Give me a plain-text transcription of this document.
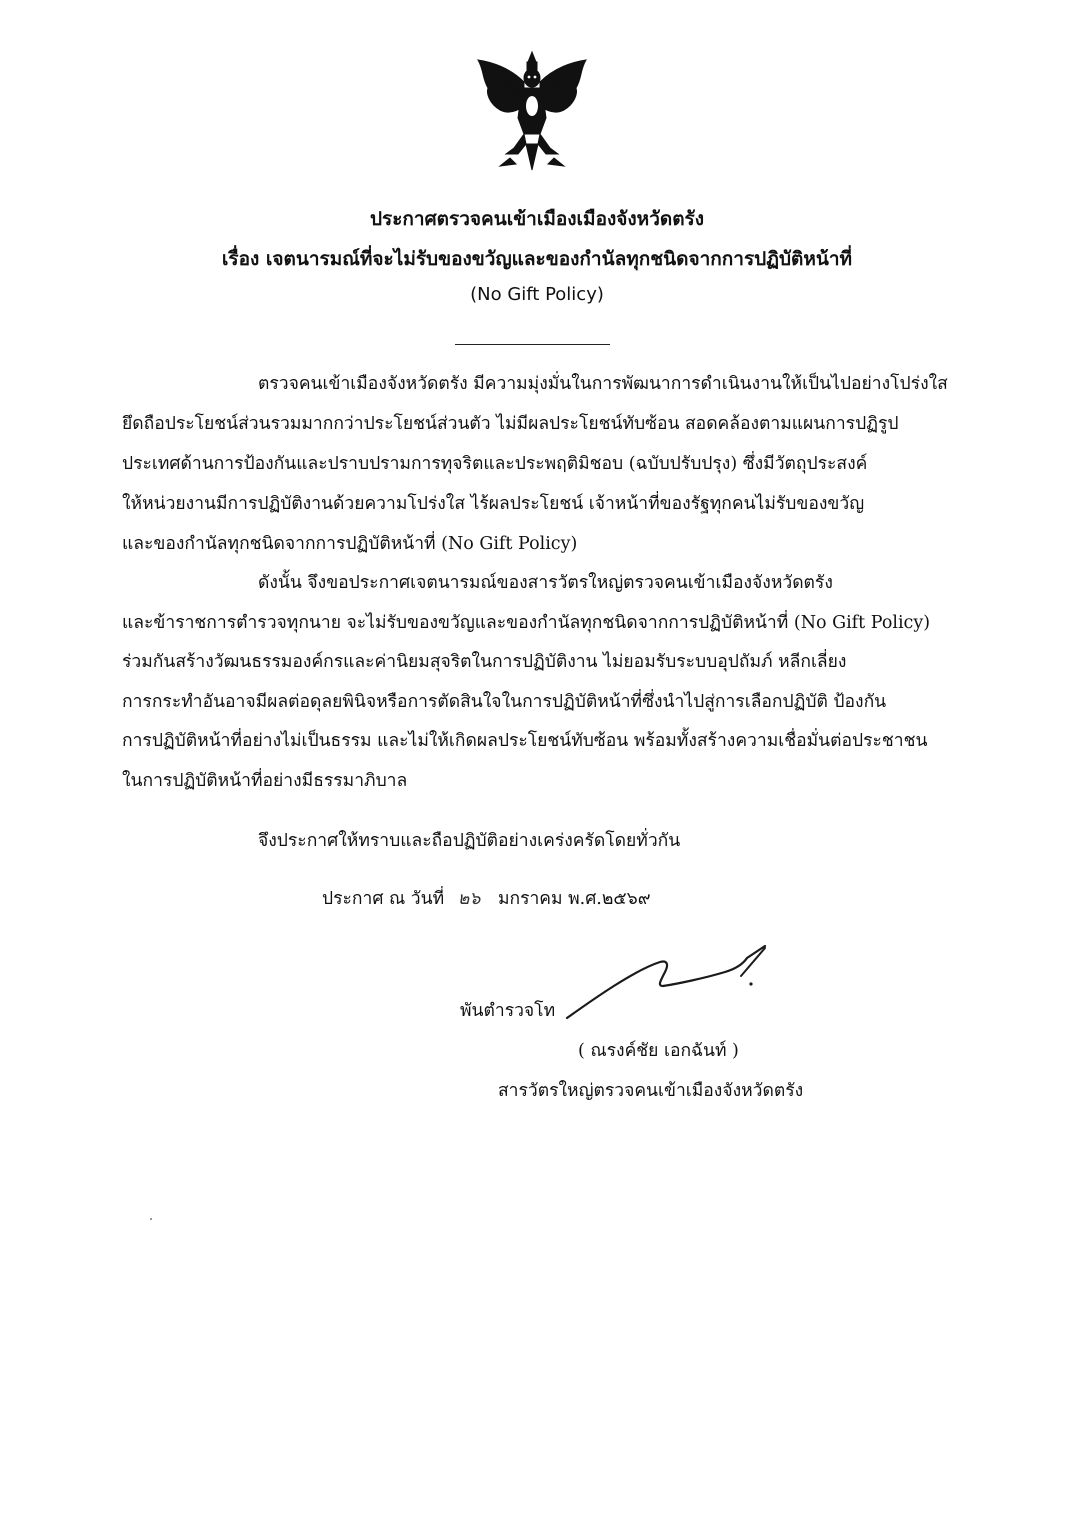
ประกาศตรวจคนเข้าเมืองเมืองจังหวัดตรัง
เรื่อง เจตนารมณ์ที่จะไม่รับของขวัญและของกำนัลทุกชนิดจากการปฏิบัติหน้าที่
(No Gift Policy)
ตรวจคนเข้าเมืองจังหวัดตรัง มีความมุ่งมั่นในการพัฒนาการดำเนินงานให้เป็นไปอย่างโปร่งใส
ยึดถือประโยชน์ส่วนรวมมากกว่าประโยชน์ส่วนตัว ไม่มีผลประโยชน์ทับซ้อน สอดคล้องตามแผนการปฏิรูป
ประเทศด้านการป้องกันและปราบปรามการทุจริตและประพฤติมิชอบ (ฉบับปรับปรุง) ซึ่งมีวัตถุประสงค์
ให้หน่วยงานมีการปฏิบัติงานด้วยความโปร่งใส ไร้ผลประโยชน์ เจ้าหน้าที่ของรัฐทุกคนไม่รับของขวัญ
และของกำนัลทุกชนิดจากการปฏิบัติหน้าที่ (No Gift Policy)
ดังนั้น จึงขอประกาศเจตนารมณ์ของสารวัตรใหญ่ตรวจคนเข้าเมืองจังหวัดตรัง
และข้าราชการตำรวจทุกนาย จะไม่รับของขวัญและของกำนัลทุกชนิดจากการปฏิบัติหน้าที่ (No Gift Policy)
ร่วมกันสร้างวัฒนธรรมองค์กรและค่านิยมสุจริตในการปฏิบัติงาน ไม่ยอมรับระบบอุปถัมภ์ หลีกเลี่ยง
การกระทำอันอาจมีผลต่อดุลยพินิจหรือการตัดสินใจในการปฏิบัติหน้าที่ซึ่งนำไปสู่การเลือกปฏิบัติ ป้องกัน
การปฏิบัติหน้าที่อย่างไม่เป็นธรรม และไม่ให้เกิดผลประโยชน์ทับซ้อน พร้อมทั้งสร้างความเชื่อมั่นต่อประชาชน
ในการปฏิบัติหน้าที่อย่างมีธรรมาภิบาล
จึงประกาศให้ทราบและถือปฏิบัติอย่างเคร่งครัดโดยทั่วกัน
ประกาศ ณ วันที่ ๒๖ มกราคม พ.ศ.๒๕๖๙
พันตำรวจโท
( ณรงค์ชัย เอกฉันท์ )
สารวัตรใหญ่ตรวจคนเข้าเมืองจังหวัดตรัง
